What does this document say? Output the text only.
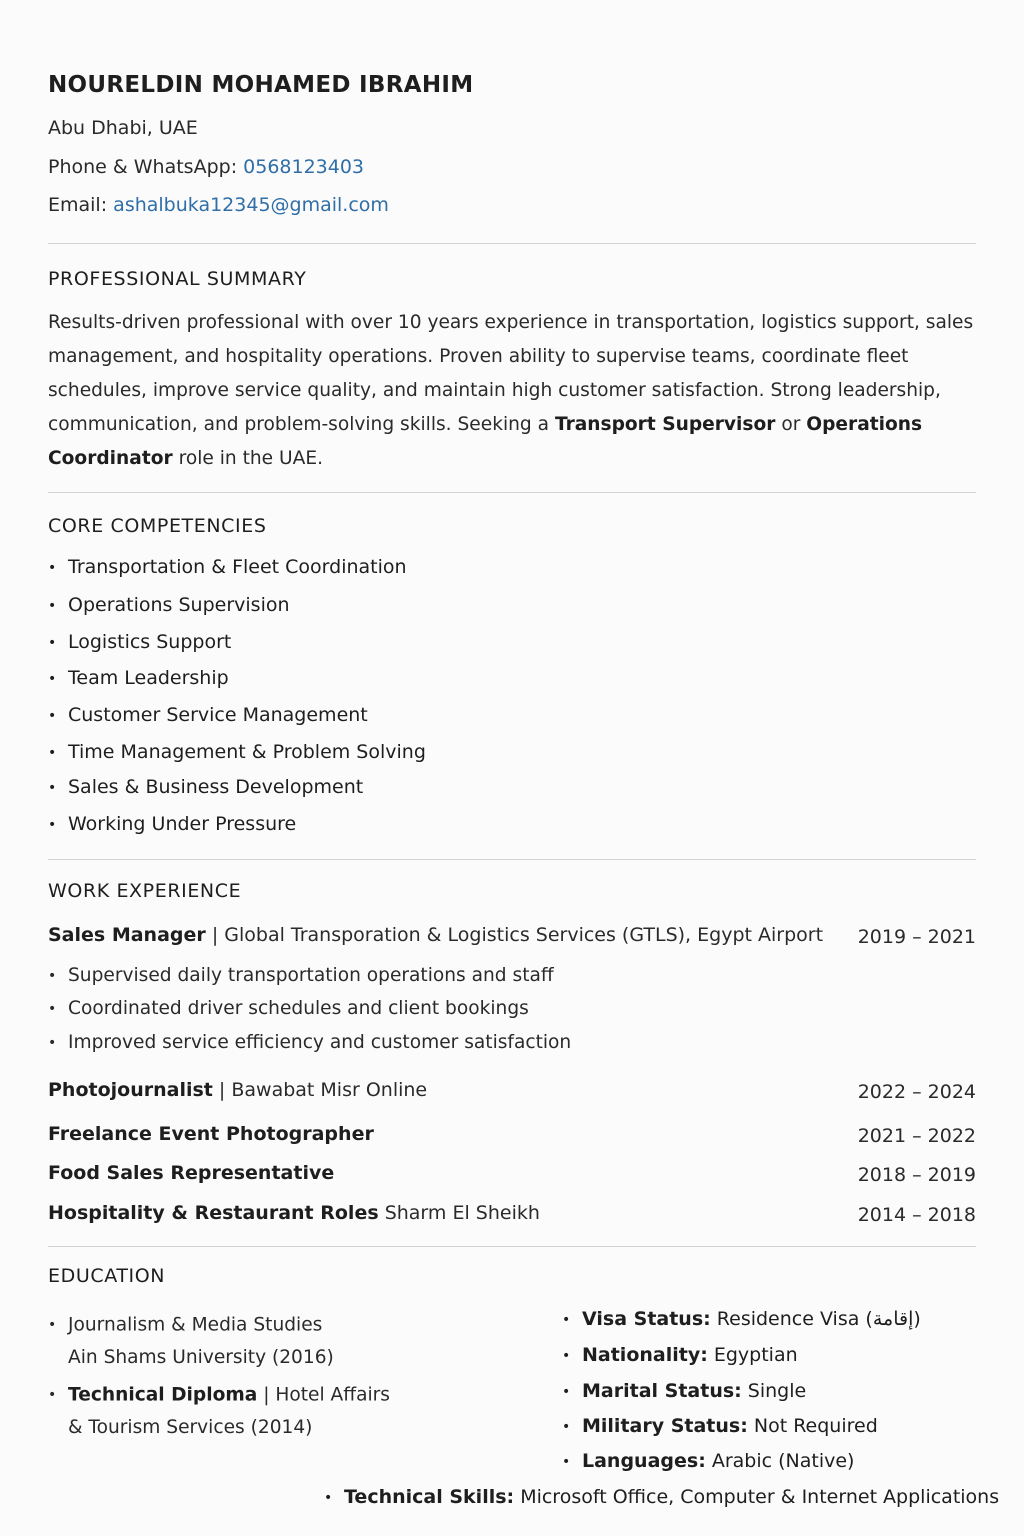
NOURELDIN MOHAMED IBRAHIM
Abu Dhabi, UAE
Phone & WhatsApp: 0568123403
Email: ashalbuka12345@gmail.com
PROFESSIONAL SUMMARY
Results-driven professional with over 10 years experience in transportation, logistics support, sales management, and hospitality operations. Proven ability to supervise teams, coordinate fleet schedules, improve service quality, and maintain high customer satisfaction. Strong leadership, communication, and problem-solving skills. Seeking a Transport Supervisor or Operations Coordinator role in the UAE.
CORE COMPETENCIES
• Transportation & Fleet Coordination
• Operations Supervision
• Logistics Support
• Team Leadership
• Customer Service Management
• Time Management & Problem Solving
• Sales & Business Development
• Working Under Pressure
WORK EXPERIENCE
Sales Manager | Global Transporation & Logistics Services (GTLS), Egypt Airport 2019 – 2021
• Supervised daily transportation operations and staff
• Coordinated driver schedules and client bookings
• Improved service efficiency and customer satisfaction
Photojournalist | Bawabat Misr Online	2022 – 2024
Freelance Event Photographer	2021 – 2022
Food Sales Representative	2018 – 2019
Hospitality & Restaurant Roles Sharm El Sheikh	2014 – 2018
EDUCATION
• Journalism & Media Studies
Ain Shams University (2016)
• Technical Diploma | Hotel Affairs
& Tourism Services (2014)
• Visa Status: Residence Visa (إقامة)
• Nationality: Egyptian
• Marital Status: Single
• Military Status: Not Required
• Languages: Arabic (Native)
• Technical Skills: Microsoft Office, Computer & Internet Applications
